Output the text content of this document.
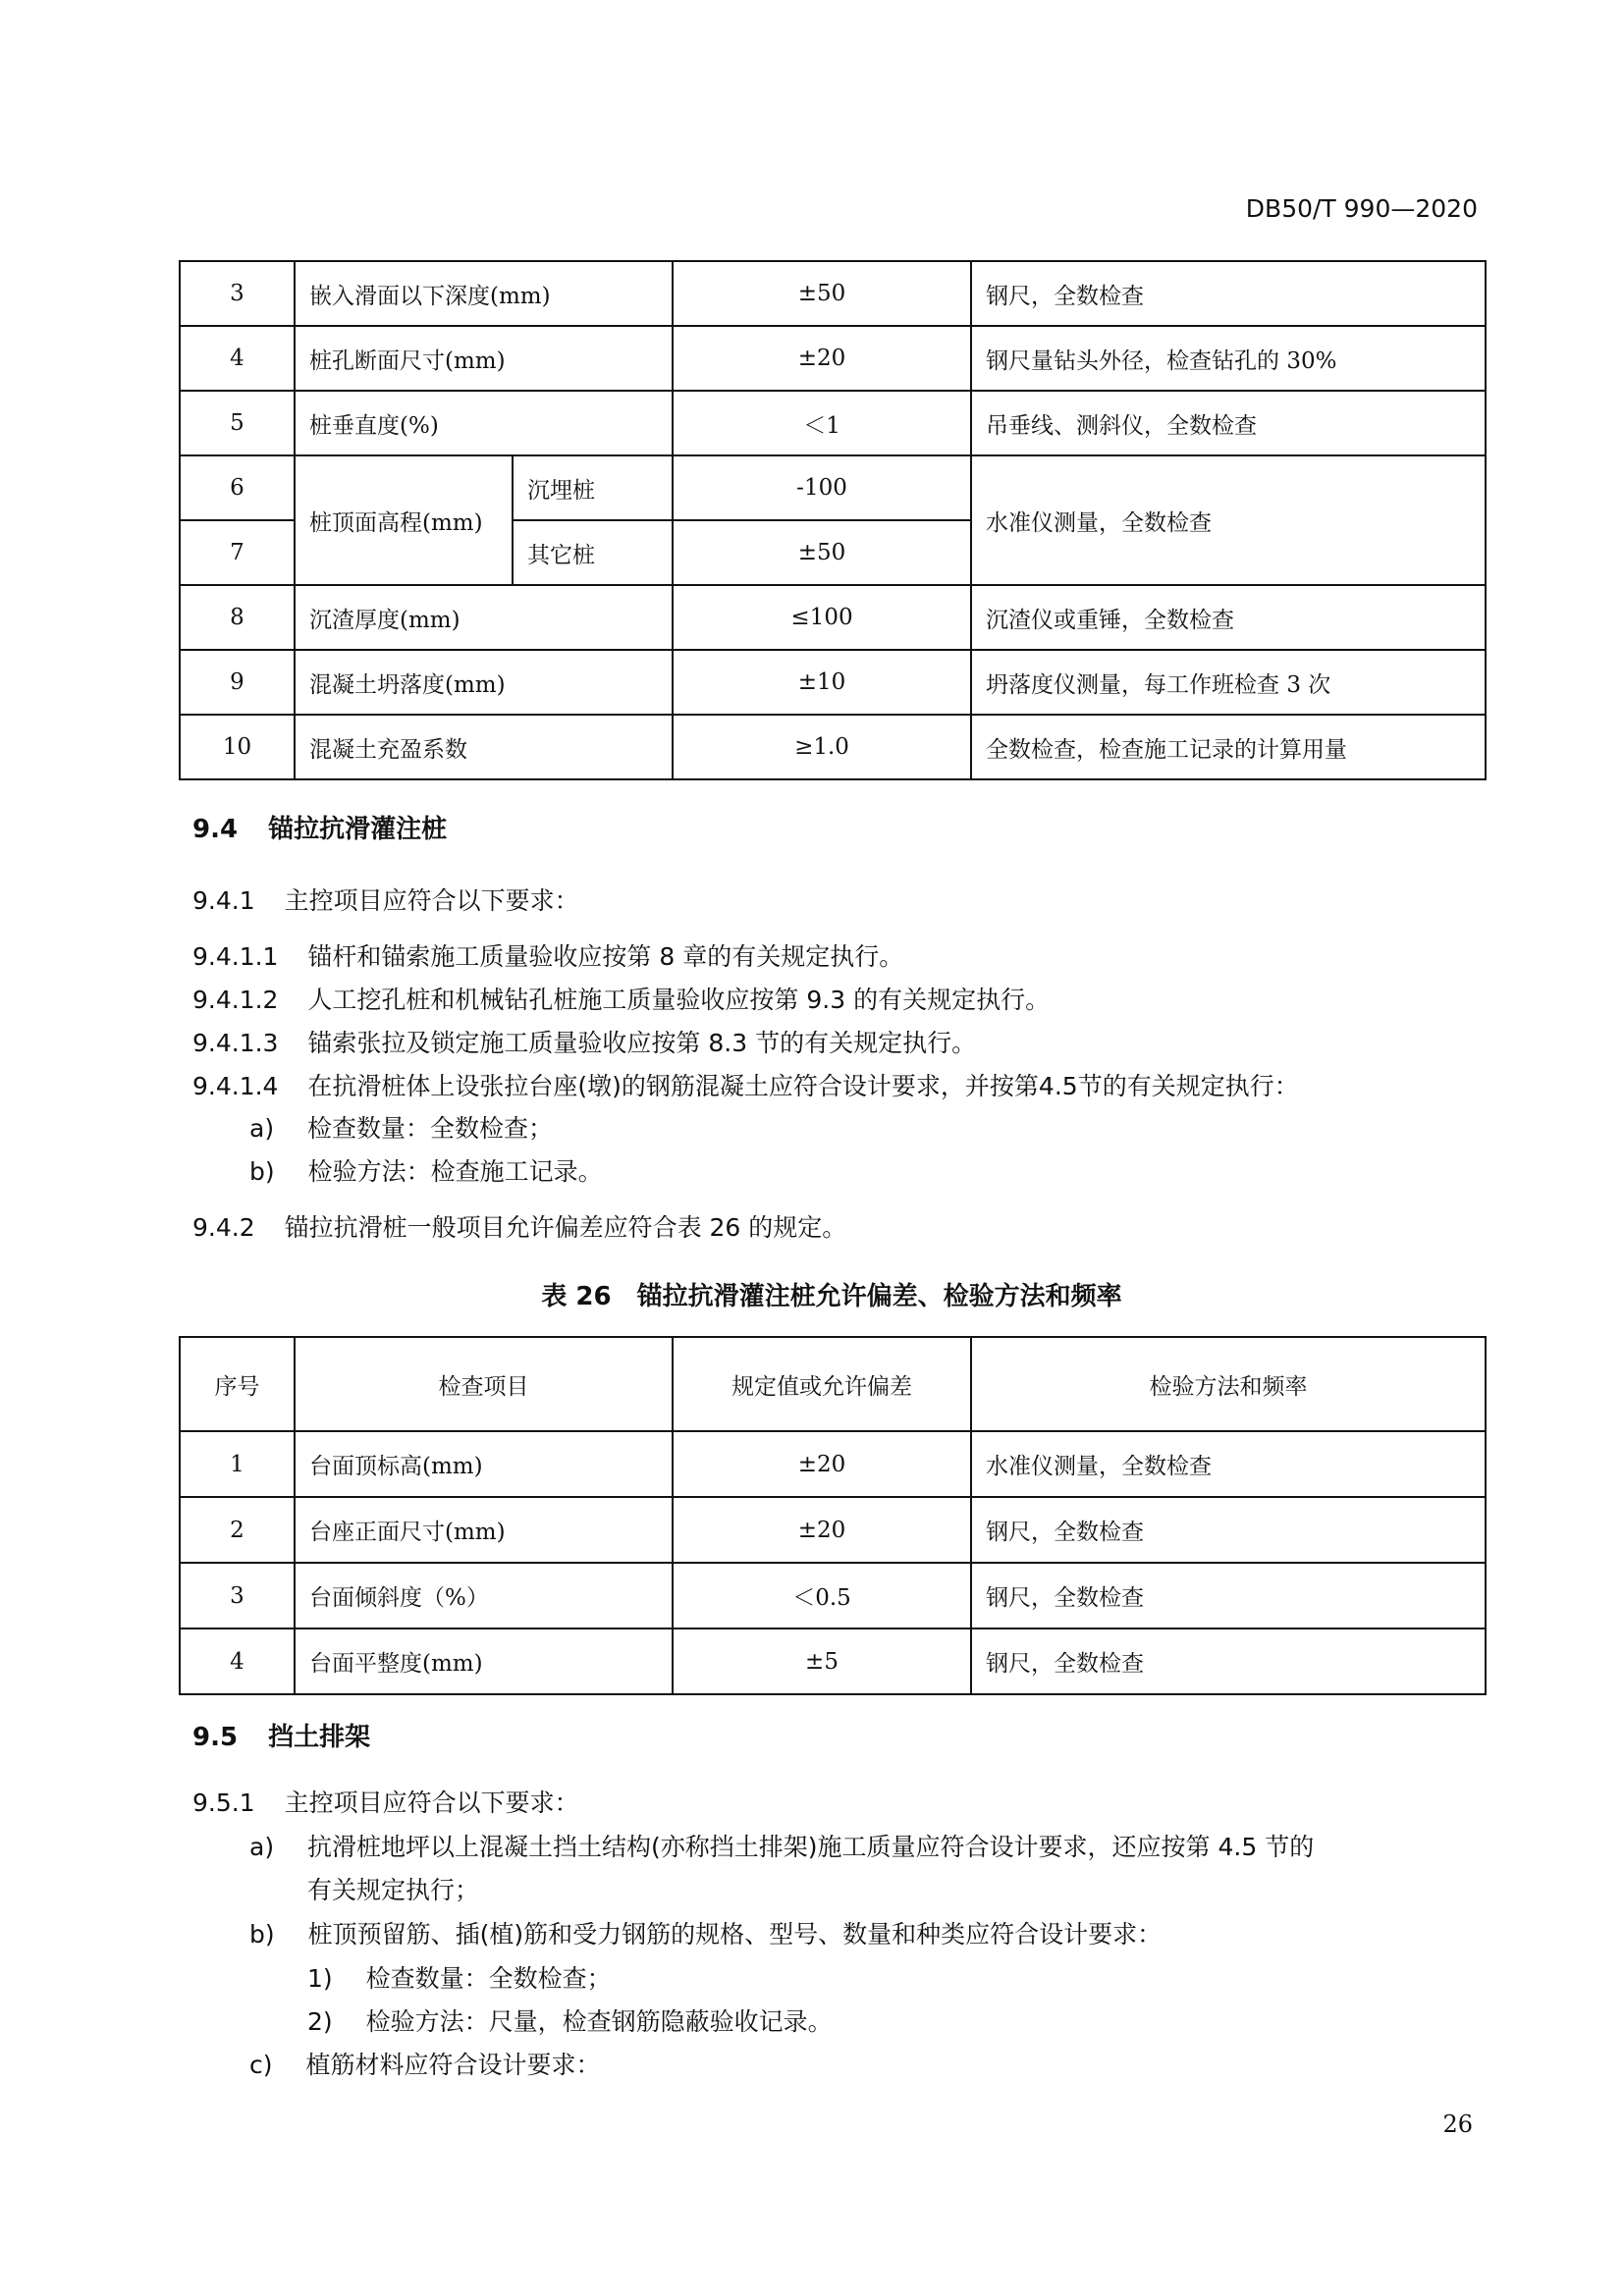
DB50/T 990—2020
3	嵌入滑面以下深度(mm)		±50	钢尺，全数检查
4	桩孔断面尺寸(mm)		±20	钢尺量钻头外径，检查钻孔的 30%
5	桩垂直度(%)		＜1	吊垂线、测斜仪，全数检查
6	桩顶面高程(mm)	沉埋桩	-100	水准仪测量，全数检查
7		其它桩	±50	
8	沉渣厚度(mm)		≤100	沉渣仪或重锤，全数检查
9	混凝土坍落度(mm)		±10	坍落度仪测量，每工作班检查 3 次
10	混凝土充盈系数		≥1.0	全数检查，检查施工记录的计算用量
9.4 锚拉抗滑灌注桩
9.4.1 主控项目应符合以下要求：
9.4.1.1 锚杆和锚索施工质量验收应按第 8 章的有关规定执行。
9.4.1.2 人工挖孔桩和机械钻孔桩施工质量验收应按第 9.3 的有关规定执行。
9.4.1.3 锚索张拉及锁定施工质量验收应按第 8.3 节的有关规定执行。
9.4.1.4 在抗滑桩体上设张拉台座(墩)的钢筋混凝土应符合设计要求，并按第4.5节的有关规定执行：
a) 检查数量：全数检查；
b) 检验方法：检查施工记录。
9.4.2 锚拉抗滑桩一般项目允许偏差应符合表 26 的规定。
表 26　锚拉抗滑灌注桩允许偏差、检验方法和频率
序号	检查项目	规定值或允许偏差	检验方法和频率
1	台面顶标高(mm)	±20	水准仪测量，全数检查
2	台座正面尺寸(mm)	±20	钢尺，全数检查
3	台面倾斜度（%）	＜0.5	钢尺，全数检查
4	台面平整度(mm)	±5	钢尺，全数检查
9.5 挡土排架
9.5.1 主控项目应符合以下要求：
a) 抗滑桩地坪以上混凝土挡土结构(亦称挡土排架)施工质量应符合设计要求，还应按第 4.5 节的
有关规定执行；
b) 桩顶预留筋、插(植)筋和受力钢筋的规格、型号、数量和种类应符合设计要求：
1) 检查数量：全数检查；
2) 检验方法：尺量，检查钢筋隐蔽验收记录。
c) 植筋材料应符合设计要求：
26
